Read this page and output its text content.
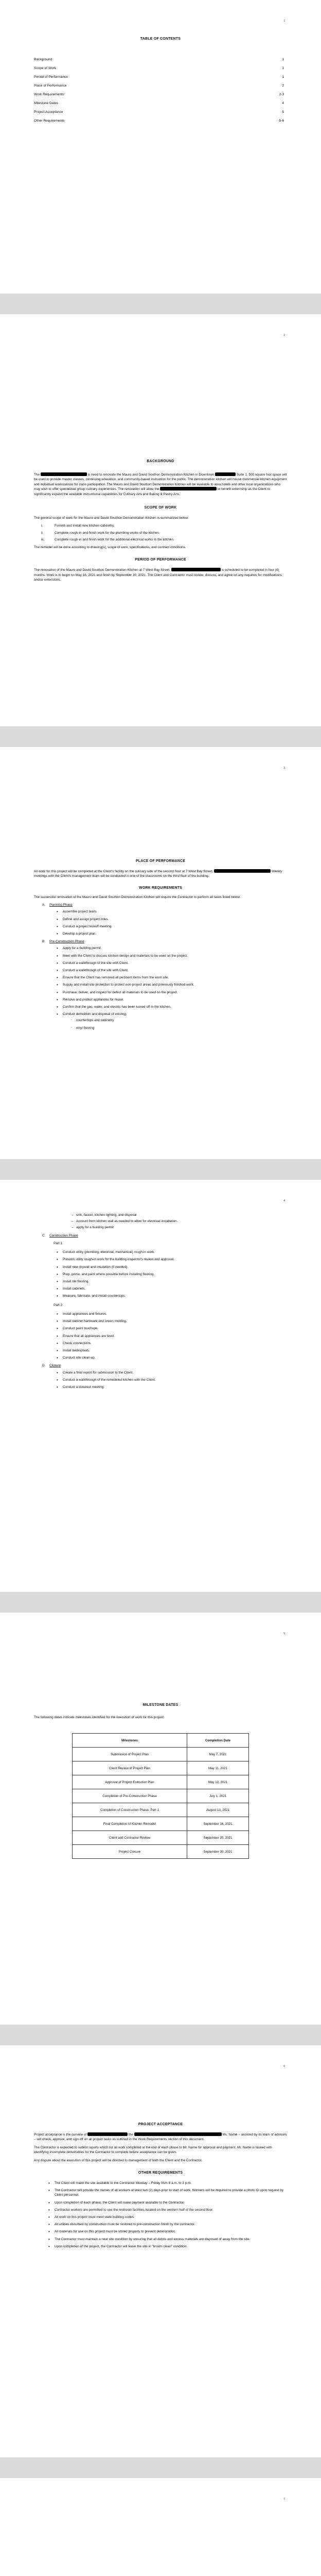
1
TABLE OF CONTENTS
Background	1
Scope of Work	1
Period of Performance	1
Place of Performance	2
Work Requirements	2-3
Milestone Dates	4
Project Acceptance	5
Other Requirements	5-6
2
BACKGROUND
The	is need to renovate the Mauro and David Southon Demonstration Kitchen in Downtown	Suite 1. 500 square foot space will be used to provide master classes, continuing education, and community-based instruction for the public. The demonstration kitchen will house commercial kitchen equipment and individual workstations for class participation. The Mauro and David Southon Demonstration Kitchen will be available to area hotels and other local organizations who may wish to offer specialized group culinary experiences. The renovation will allow the	to benefit externship as the Client to significantly expand the available instructional capabilities for Culinary Arts and Baking & Pastry Arts.
SCOPE OF WORK
The general scope of work for the Mauro and David Southon Demonstration Kitchen is summarized below:
i.	Furnish and install new kitchen cabinetry.
ii.	Complete rough-in and finish work for the plumbing works of the kitchen.
iii.	Complete rough-in and finish work for the additional electrical works in the kitchen.
The remodel will be done according to drawing(s), scope of work, specifications, and contract conditions.
PERIOD OF PERFORMANCE
The renovation of the Mauro and David Southon Demonstration Kitchen at 7 West Bay Street,	is scheduled to be completed in four (4) months. Work is to begin on May 16, 2021 and finish by September 30, 2021. The Client and Contractor must review, discuss, and agree on any requests for modifications and/or extensions.
3
PLACE OF PERFORMANCE
All work for this project will be completed at the Client's facility on the culinary side of the second floor at 7 West Bay Street,	Weekly meetings with the Client's management team will be conducted in one of the classrooms on the third floor of the building.
WORK REQUIREMENTS
The successful renovation of the Mauro and David Southon Demonstration Kitchen will require the Contractor to perform all tasks listed below.
A. Planning Phase
• Assemble project team.
• Define and assign project roles.
• Conduct a project kickoff meeting.
• Develop a project plan.
B. Pre-Construction Phase
• Apply for a building permit.
• Meet with the Client to discuss kitchen design and materials to be used on the project.
• Conduct a walkthrough of the site with Client.
• Conduct a walkthrough of the site with Client.
• Ensure that the Client has removed all pertinent items from the work site.
• Supply and install site protection to protect non-project areas and previously finished work.
• Purchase, deliver, and inspect for defect all materials to be used on the project.
• Remove and protect appliances for reuse.
• Confirm that the gas, water, and electric has been turned off in the kitchen.
• Conduct demolition and disposal of existing:
◦ countertops and cabinetry
◦ vinyl flooring
4
– sink, faucet, kitchen lighting, and disposal
– Account from kitchen wall as needed to allow for electrical installation.
– apply for a building permit
C. Construction Phase
Part 1:
• Conduct utility (plumbing, electrical, mechanical) rough-in work.
• Prework utility rough-in work for the building inspector's review and approval.
• Install new drywall and insulation (if needed).
• Prep, prime, and paint where possible before installing flooring.
• Install tile flooring.
• Install cabinets.
• Measure, fabricate, and install countertops.
Part 2:
• Install appliances and fixtures.
• Install cabinet hardware and crown molding.
• Conduct paint touchups.
• Ensure that all appliances are level.
• Check connections.
• Install backsplash.
• Conduct site clean-up.
D. Closure
• Create a final report for submission to the Client.
• Conduct a walkthrough of the remodeled kitchen with the Client.
• Conduct a closeout meeting.
5
MILESTONE DATES
The following dates indicate milestones identified for the execution of work for this project:
Milestones	Completion Date
Submission of Project Plan	May 7, 2021
Client Review of Project Plan	May 11, 2021
Approval of Project Execution Plan	May 12, 2021
Completion of Pre-Construction Phase	July 1, 2021
Completion of Construction Phase, Part 1	August 13, 2021
Final Completion of Kitchen Remodel	September 16, 2021
Client and Contractor Review	September 20, 2021
Project Closure	September 30, 2021
6
PROJECT ACCEPTANCE
Project acceptance is the purview of	the	Ms. Name – assisted by its team of advisors – will check, approve, and sign off on all project tasks as outlined in the Work Requirements section of this document.
The Contractor is expected to submit reports which list all work completed at the end of each phase to Mr. Name for approval and payment. Mr. Name is tasked with identifying incomplete deliverables for the Contractor to complete before acceptance can be given.
Any dispute about the execution of this project will be directed to management of both the Client and the Contractor.
OTHER REQUIREMENTS
• The Client will make the site available to the Contractor Monday – Friday from 8 a.m. to 3 p.m.
• The Contractor will provide the names of all workers at least two (2) days prior to start of work. Workers will be required to provide a photo ID upon request by Client personnel.
• Upon completion of each phase, the Client will make payment available to the Contractor.
• Contractor workers are permitted to use the restroom facilities located on the western half of the second floor.
• All work on this project must meet state building codes.
• All utilities disturbed by construction must be restored to pre-construction finish by the contractor.
• All materials for use on this project must be stored properly to prevent deterioration.
• The Contractor must maintain a neat site condition by ensuring that all debris and excess materials are disposed of away from the site.
• Upon completion of the project, the Contractor will leave the site in "broom clean" condition.
7
